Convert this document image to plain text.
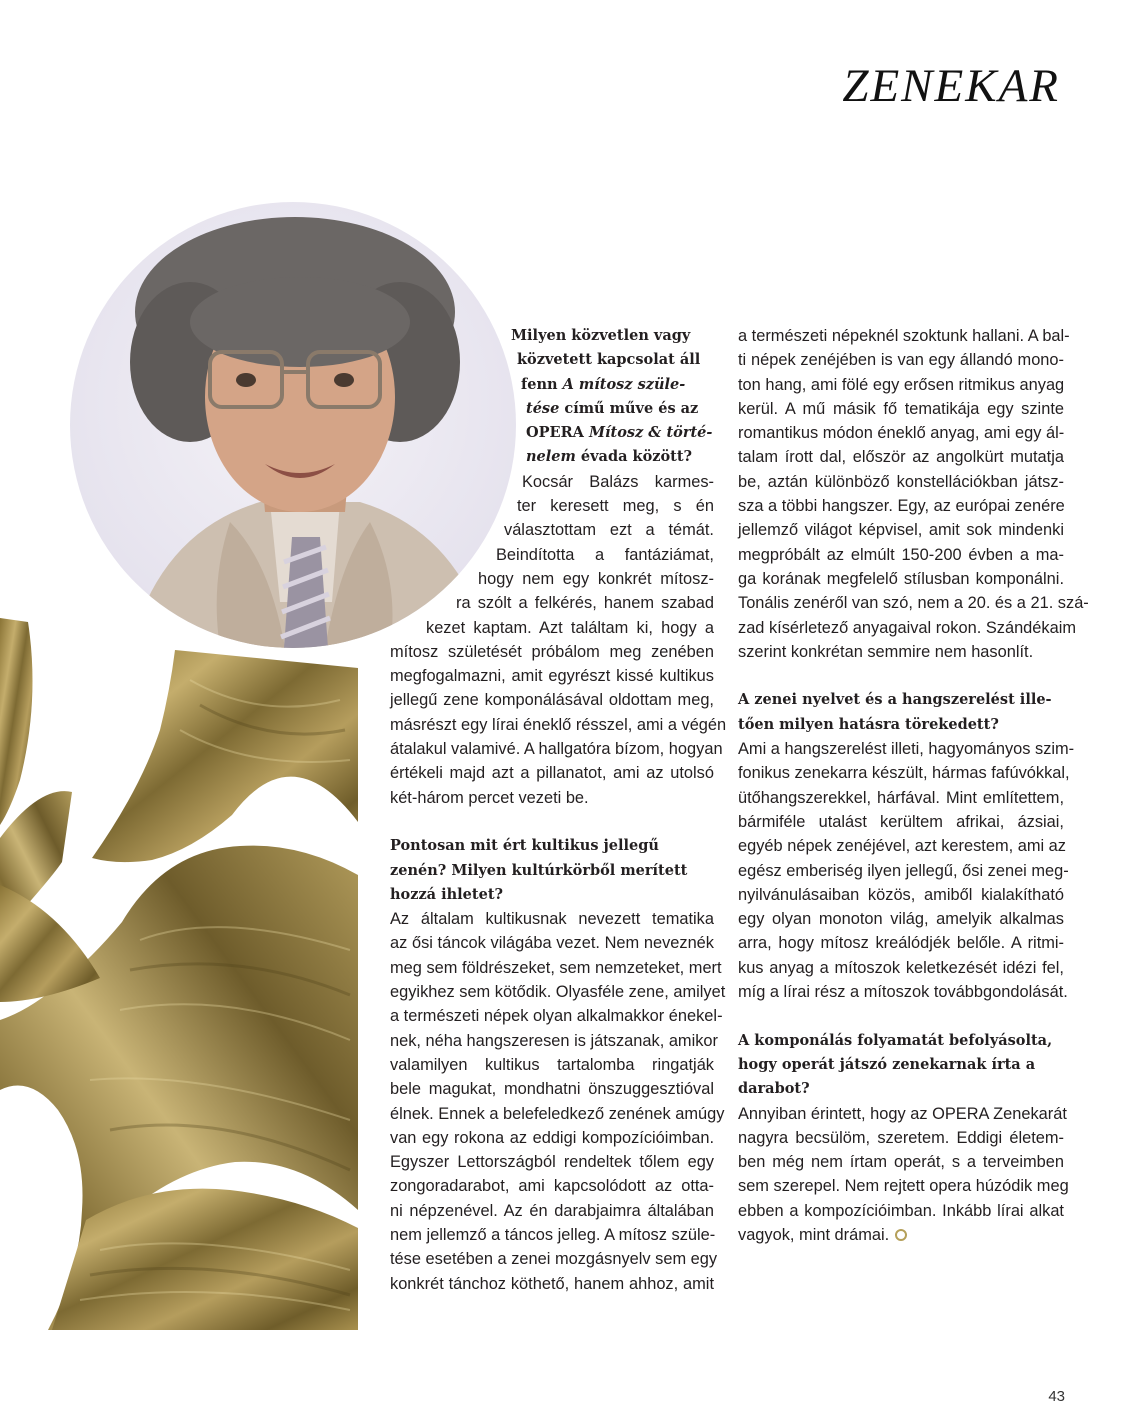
ZENEKAR
Milyen közvetlen vagy
közvetett kapcsolat áll
fenn A mítosz szüle-
tése című műve és az
OPERA Mítosz & törté-
nelem évada között?
Kocsár Balázs karmes-
ter keresett meg, s én
választottam ezt a témát.
Beindította a fantáziámat,
hogy nem egy konkrét mítosz-
ra szólt a felkérés, hanem szabad
kezet kaptam. Azt találtam ki, hogy a
mítosz születését próbálom meg zenében
megfogalmazni, amit egyrészt kissé kultikus
jellegű zene komponálásával oldottam meg,
másrészt egy lírai éneklő résszel, ami a végén
átalakul valamivé. A hallgatóra bízom, hogyan
értékeli majd azt a pillanatot, ami az utolsó
két-három percet vezeti be.
Pontosan mit ért kultikus jellegű
zenén? Milyen kultúrkörből merített
hozzá ihletet?
Az általam kultikusnak nevezett tematika
az ősi táncok világába vezet. Nem neveznék
meg sem földrészeket, sem nemzeteket, mert
egyikhez sem kötődik. Olyasféle zene, amilyet
a természeti népek olyan alkalmakkor énekel-
nek, néha hangszeresen is játszanak, amikor
valamilyen kultikus tartalomba ringatják
bele magukat, mondhatni önszuggesztióval
élnek. Ennek a belefeledkező zenének amúgy
van egy rokona az eddigi kompozícióimban.
Egyszer Lettországból rendeltek tőlem egy
zongoradarabot, ami kapcsolódott az otta-
ni népzenével. Az én darabjaimra általában
nem jellemző a táncos jelleg. A mítosz szüle-
tése esetében a zenei mozgásnyelv sem egy
konkrét tánchoz köthető, hanem ahhoz, amit
a természeti népeknél szoktunk hallani. A bal-
ti népek zenéjében is van egy állandó mono-
ton hang, ami fölé egy erősen ritmikus anyag
kerül. A mű másik fő tematikája egy szinte
romantikus módon éneklő anyag, ami egy ál-
talam írott dal, először az angolkürt mutatja
be, aztán különböző konstellációkban játsz-
sza a többi hangszer. Egy, az európai zenére
jellemző világot képvisel, amit sok mindenki
megpróbált az elmúlt 150-200 évben a ma-
ga korának megfelelő stílusban komponálni.
Tonális zenéről van szó, nem a 20. és a 21. szá-
zad kísérletező anyagaival rokon. Szándékaim
szerint konkrétan semmire nem hasonlít.
A zenei nyelvet és a hangszerelést ille-
tően milyen hatásra törekedett?
Ami a hangszerelést illeti, hagyományos szim-
fonikus zenekarra készült, hármas fafúvókkal,
ütőhangszerekkel, hárfával. Mint említettem,
bármiféle utalást kerültem afrikai, ázsiai,
egyéb népek zenéjével, azt kerestem, ami az
egész emberiség ilyen jellegű, ősi zenei meg-
nyilvánulásaiban közös, amiből kialakítható
egy olyan monoton világ, amelyik alkalmas
arra, hogy mítosz kreálódjék belőle. A ritmi-
kus anyag a mítoszok keletkezését idézi fel,
míg a lírai rész a mítoszok továbbgondolását.
A komponálás folyamatát befolyásolta,
hogy operát játszó zenekarnak írta a
darabot?
Annyiban érintett, hogy az OPERA Zenekarát
nagyra becsülöm, szeretem. Eddigi életem-
ben még nem írtam operát, s a terveimben
sem szerepel. Nem rejtett opera húzódik meg
ebben a kompozícióimban. Inkább lírai alkat
vagyok, mint drámai.
43
